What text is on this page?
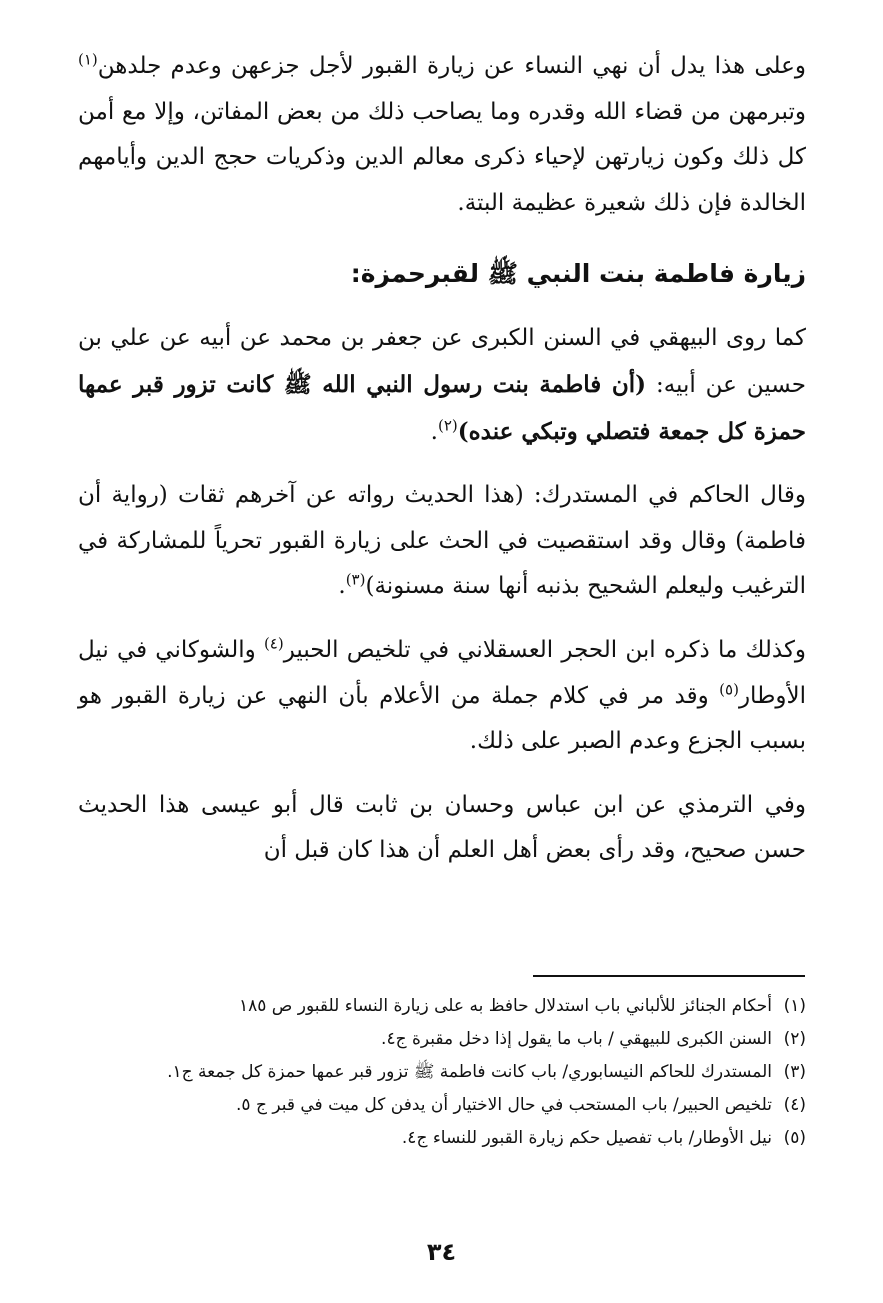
وعلى هذا يدل أن نهي النساء عن زيارة القبور لأجل جزعهن وعدم جلدهن$^{(١)}$ وتبرمهن من قضاء الله وقدره وما يصاحب ذلك من بعض المفاتن، وإلا مع أمن كل ذلك وكون زيارتهن لإحياء ذكرى معالم الدين وذكريات حجج الدين وأيامهم الخالدة فإن ذلك شعيرة عظيمة البتة.

زيارة فاطمة بنت النبي ﷺ لقبرحمزة:

كما روى البيهقي في السنن الكبرى عن جعفر بن محمد عن أبيه عن علي بن حسين عن أبيه: (أن فاطمة بنت رسول النبي الله ﷺ كانت تزور قبر عمها حمزة كل جمعة فتصلي وتبكي عنده)$^{(٢)}$.

وقال الحاكم في المستدرك: (هذا الحديث رواته عن آخرهم ثقات (رواية أن فاطمة) وقال وقد استقصيت في الحث على زيارة القبور تحرياً للمشاركة في الترغيب وليعلم الشحيح بذنبه أنها سنة مسنونة)$^{(٣)}$.

وكذلك ما ذكره ابن الحجر العسقلاني في تلخيص الحبير$^{(٤)}$ والشوكاني في نيل الأوطار$^{(٥)}$ وقد مر في كلام جملة من الأعلام بأن النهي عن زيارة القبور هو بسبب الجزع وعدم الصبر على ذلك.

وفي الترمذي عن ابن عباس وحسان بن ثابت قال أبو عيسى هذا الحديث حسن صحيح، وقد رأى بعض أهل العلم أن هذا كان قبل أن

(١)
أحكام الجنائز للألباني باب استدلال حافظ به على زيارة النساء للقبور ص ١٨٥
(٢)
السنن الكبرى للبيهقي / باب ما يقول إذا دخل مقبرة ج٤.
(٣)
المستدرك للحاكم النيسابوري/ باب كانت فاطمة ﷺ تزور قبر عمها حمزة كل جمعة ج١.
(٤)
تلخيص الحبير/ باب المستحب في حال الاختيار أن يدفن كل ميت في قبر ج ٥.
(٥)
نيل الأوطار/ باب تفصيل حكم زيارة القبور للنساء ج٤.
٣٤
